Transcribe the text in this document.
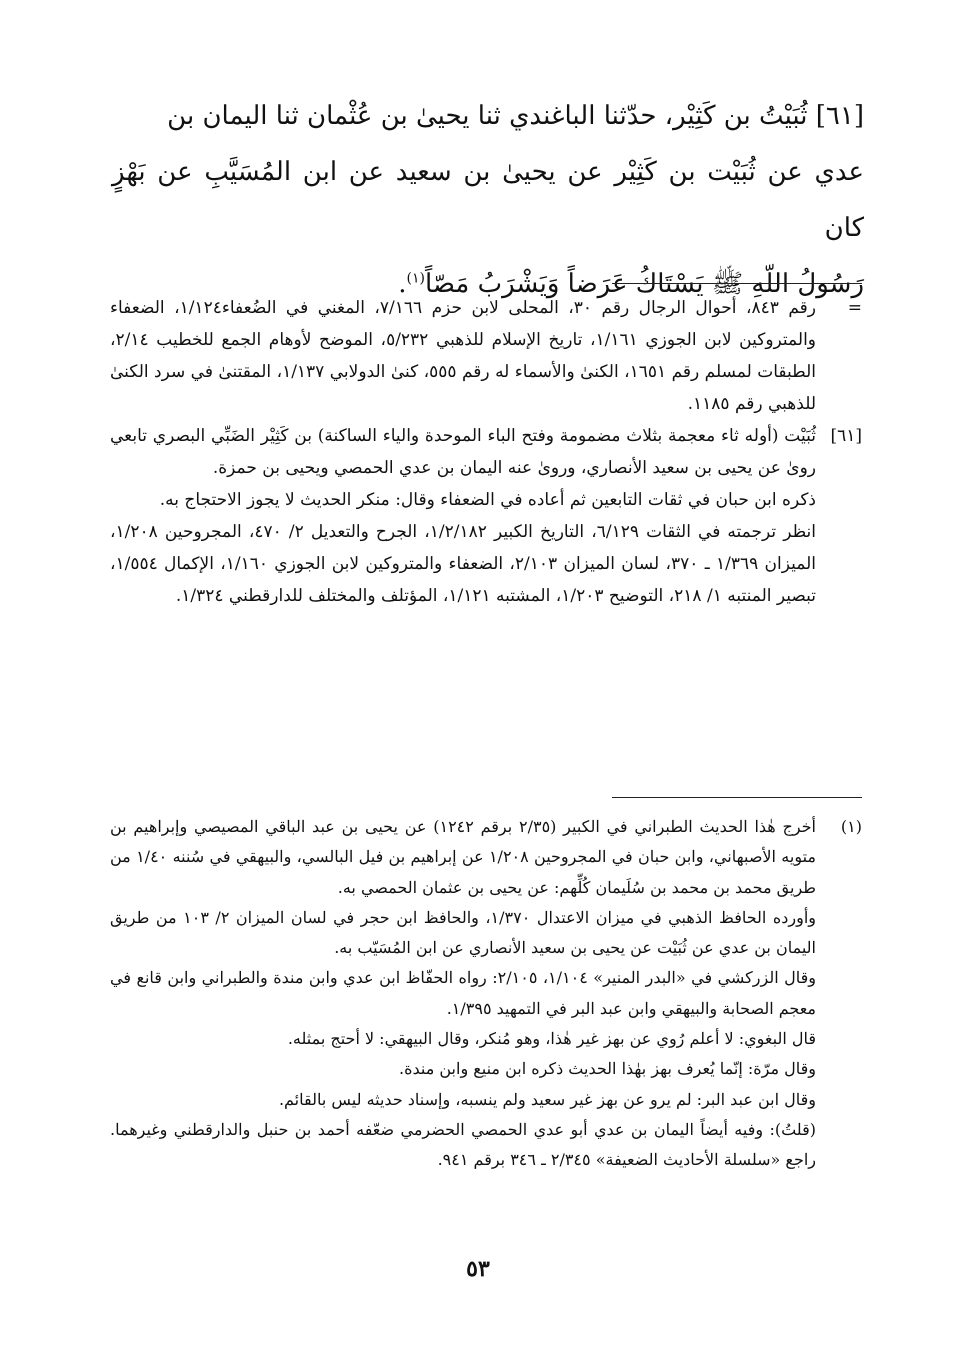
[٦١] ثُبَيْتُ بن كَثِيْر، حدّثنا الباغندي ثنا يحيىٰ بن عُثْمان ثنا اليمان بن

عدي عن ثُبَيْت بن كَثِيْر عن يحيىٰ بن سعيد عن ابن المُسَيَّبِ عن بَهْزٍ كان

رَسُولُ اللّهِ ﷺ يَسْتَاكُ عَرَضاً وَيَشْرَبُ مَصّاً$^{(١)}$.

=

رقم ٨٤٣، أحوال الرجال رقم ٣٠، المحلى لابن حزم ٧/١٦٦، المغني في الضُعفاء١/١٢٤، الضعفاء والمتروكين لابن الجوزي ١/١٦١، تاريخ الإسلام للذهبي ٥/٢٣٢، الموضح لأوهام الجمع للخطيب ٢/١٤، الطبقات لمسلم رقم ١٦٥١، الكنىٰ والأسماء له رقم ٥٥٥، كنىٰ الدولابي ١/١٣٧، المقتنىٰ في سرد الكنىٰ للذهبي رقم ١١٨٥.

[٦١]

ثُبَيْت (أوله ثاء معجمة بثلاث مضمومة وفتح الباء الموحدة والياء الساكنة) بن كَثِيْر الضَبِّي البصري تابعي روىٰ عن يحيى بن سعيد الأنصاري، وروىٰ عنه اليمان بن عدي الحمصي ويحيى بن حمزة.

ذكره ابن حبان في ثقات التابعين ثم أعاده في الضعفاء وقال: منكر الحديث لا يجوز الاحتجاج به.

انظر ترجمته في الثقات ٦/١٢٩، التاريخ الكبير ١/٢/١٨٢، الجرح والتعديل ٢/ ٤٧٠، المجروحين ١/٢٠٨، الميزان ١/٣٦٩ ـ ٣٧٠، لسان الميزان ٢/١٠٣، الضعفاء والمتروكين لابن الجوزي ١/١٦٠، الإكمال ١/٥٥٤، تبصير المنتبه ١/ ٢١٨، التوضيح ١/٢٠٣، المشتبه ١/١٢١، المؤتلف والمختلف للدارقطني ١/٣٢٤.

(١)

أخرج هٰذا الحديث الطبراني في الكبير (٢/٣٥ برقم ١٢٤٢) عن يحيى بن عبد الباقي المصيصي وإبراهيم بن متويه الأصبهاني، وابن حبان في المجروحين ١/٢٠٨ عن إبراهيم بن فيل البالسي، والبيهقي في سُننه ١/٤٠ من طريق محمد بن محمد بن سُلَيمان كُلِّهم: عن يحيى بن عثمان الحمصي به.

وأورده الحافظ الذهبي في ميزان الاعتدال ١/٣٧٠، والحافظ ابن حجر في لسان الميزان ٢/ ١٠٣ من طريق اليمان بن عدي عن ثُبَيْت عن يحيى بن سعيد الأنصاري عن ابن المُسَيّب به.

وقال الزركشي في «البدر المنير» ١/١٠٤، ٢/١٠٥: رواه الحفّاظ ابن عدي وابن مندة والطبراني وابن قانع في معجم الصحابة والبيهقي وابن عبد البر في التمهيد ١/٣٩٥.

قال البغوي: لا أعلم رُوي عن بهز غير هٰذا، وهو مُنكر، وقال البيهقي: لا أحتج بمثله.

وقال مرّة: إنّما يُعرف بهز بهٰذا الحديث ذكره ابن منيع وابن مندة.

وقال ابن عبد البر: لم يرو عن بهز غير سعيد ولم ينسبه، وإسناد حديثه ليس بالقائم.

(قلتُ): وفيه أيضاً اليمان بن عدي أبو عدي الحمصي الحضرمي ضعّفه أحمد بن حنبل والدارقطني وغيرهما. راجع «سلسلة الأحاديث الضعيفة» ٢/٣٤٥ ـ ٣٤٦ برقم ٩٤١.

٥٣
